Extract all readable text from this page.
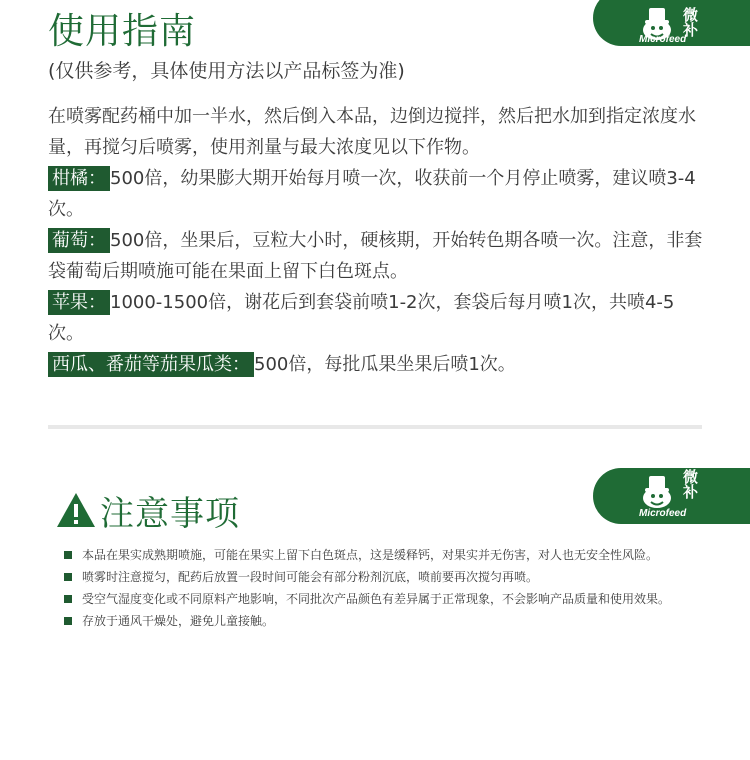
使用指南
(仅供参考，具体使用方法以产品标签为准)
微补
Microfeed

在喷雾配药桶中加一半水，然后倒入本品，边倒边搅拌，然后把水加到指定浓度水量，再搅匀后喷雾，使用剂量与最大浓度见以下作物。

柑橘： 500倍，幼果膨大期开始每月喷一次，收获前一个月停止喷雾，建议喷3-4次。

葡萄： 500倍，坐果后，豆粒大小时，硬核期，开始转色期各喷一次。注意，非套袋葡萄后期喷施可能在果面上留下白色斑点。

苹果： 1000-1500倍，谢花后到套袋前喷1-2次，套袋后每月喷1次，共喷4-5次。

西瓜、番茄等茄果瓜类： 500倍，每批瓜果坐果后喷1次。

注意事项
微补
Microfeed
本品在果实成熟期喷施，可能在果实上留下白色斑点，这是缓释钙，对果实并无伤害，对人也无安全性风险。
喷雾时注意搅匀，配药后放置一段时间可能会有部分粉剂沉底，喷前要再次搅匀再喷。
受空气湿度变化或不同原料产地影响，不同批次产品颜色有差异属于正常现象，不会影响产品质量和使用效果。
存放于通风干燥处，避免儿童接触。
